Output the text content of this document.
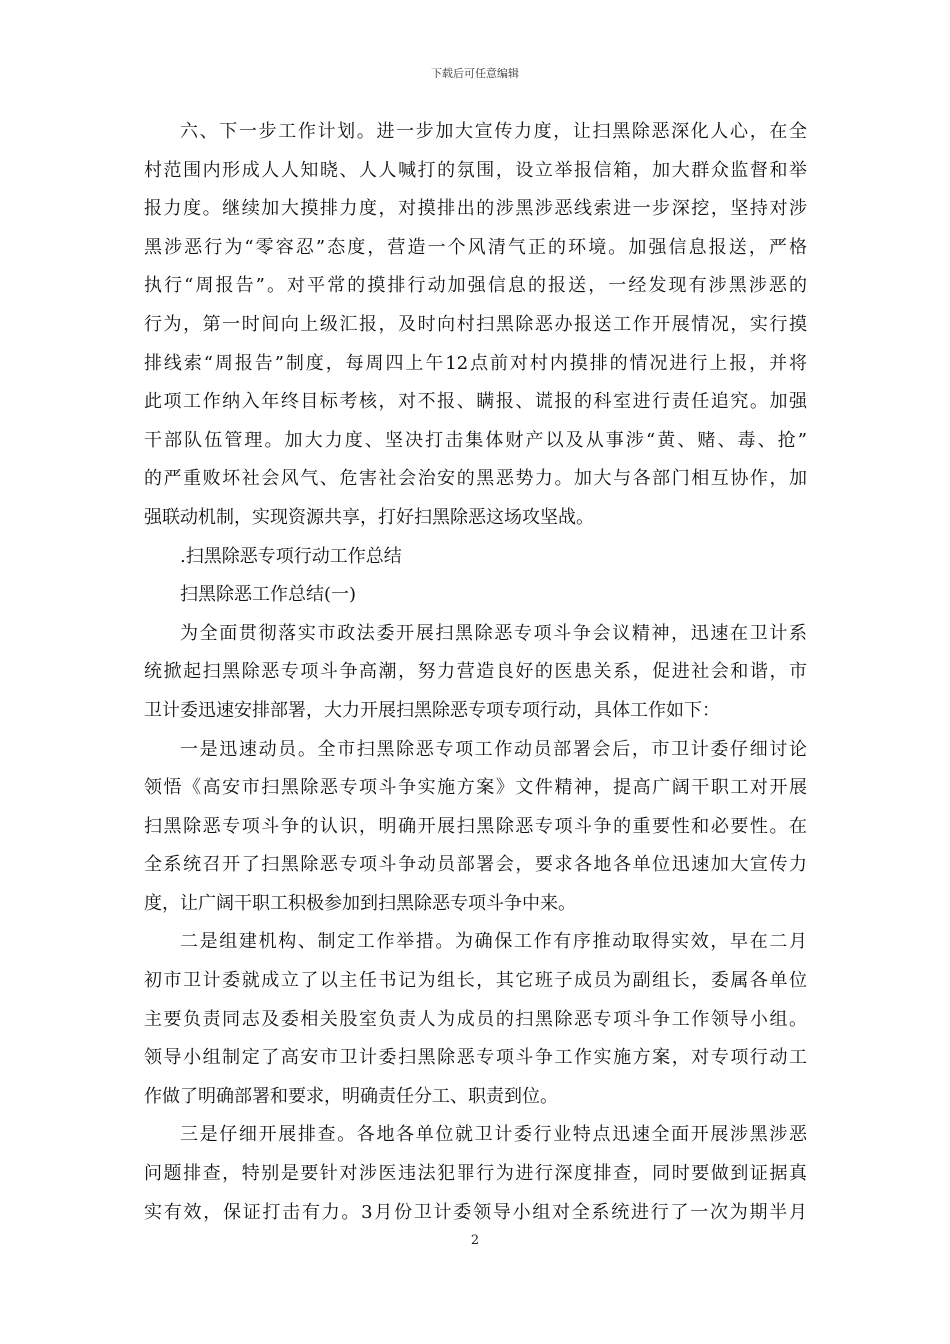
下载后可任意编辑
六、下一步工作计划。进一步加大宣传力度，让扫黑除恶深化人心，在全
村范围内形成人人知晓、人人喊打的氛围，设立举报信箱，加大群众监督和举
报力度。继续加大摸排力度，对摸排出的涉黑涉恶线索进一步深挖，坚持对涉
黑涉恶行为“零容忍”态度，营造一个风清气正的环境。加强信息报送，严格
执行“周报告”。对平常的摸排行动加强信息的报送，一经发现有涉黑涉恶的
行为，第一时间向上级汇报，及时向村扫黑除恶办报送工作开展情况，实行摸
排线索“周报告”制度，每周四上午12点前对村内摸排的情况进行上报，并将
此项工作纳入年终目标考核，对不报、瞒报、谎报的科室进行责任追究。加强
干部队伍管理。加大力度、坚决打击集体财产以及从事涉“黄、赌、毒、抢”
的严重败坏社会风气、危害社会治安的黑恶势力。加大与各部门相互协作，加
强联动机制，实现资源共享，打好扫黑除恶这场攻坚战。
.扫黑除恶专项行动工作总结
扫黑除恶工作总结(一)
为全面贯彻落实市政法委开展扫黑除恶专项斗争会议精神，迅速在卫计系
统掀起扫黑除恶专项斗争高潮，努力营造良好的医患关系，促进社会和谐，市
卫计委迅速安排部署，大力开展扫黑除恶专项专项行动，具体工作如下：
一是迅速动员。全市扫黑除恶专项工作动员部署会后，市卫计委仔细讨论
领悟《高安市扫黑除恶专项斗争实施方案》文件精神，提高广阔干职工对开展
扫黑除恶专项斗争的认识，明确开展扫黑除恶专项斗争的重要性和必要性。在
全系统召开了扫黑除恶专项斗争动员部署会，要求各地各单位迅速加大宣传力
度，让广阔干职工积极参加到扫黑除恶专项斗争中来。
二是组建机构、制定工作举措。为确保工作有序推动取得实效，早在二月
初市卫计委就成立了以主任书记为组长，其它班子成员为副组长，委属各单位
主要负责同志及委相关股室负责人为成员的扫黑除恶专项斗争工作领导小组。
领导小组制定了高安市卫计委扫黑除恶专项斗争工作实施方案，对专项行动工
作做了明确部署和要求，明确责任分工、职责到位。
三是仔细开展排查。各地各单位就卫计委行业特点迅速全面开展涉黑涉恶
问题排查，特别是要针对涉医违法犯罪行为进行深度排查，同时要做到证据真
实有效，保证打击有力。3月份卫计委领导小组对全系统进行了一次为期半月
2
